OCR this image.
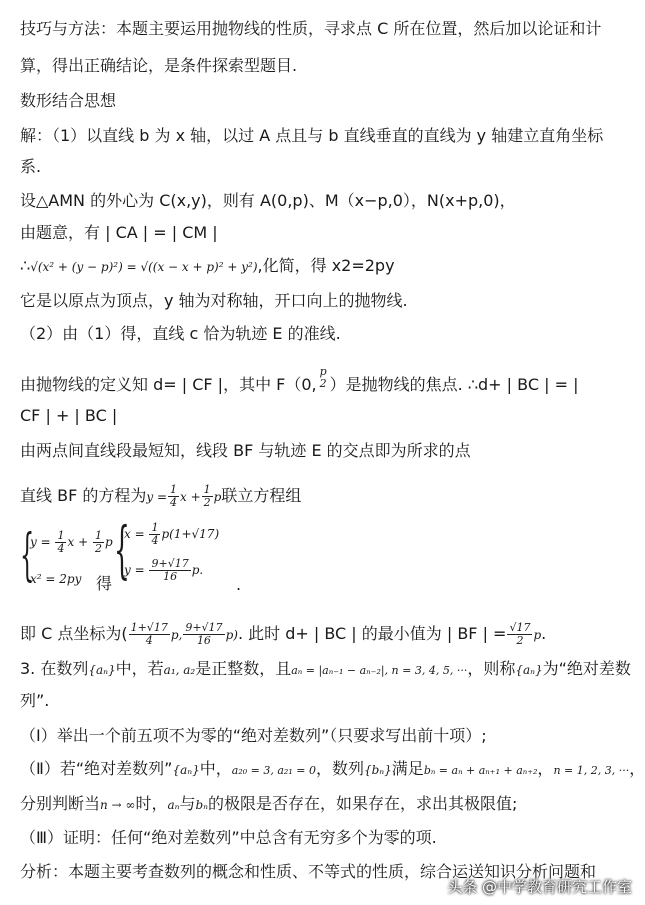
技巧与方法：本题主要运用抛物线的性质，寻求点 C 所在位置，然后加以论证和计
算，得出正确结论，是条件探索型题目.
数形结合思想
解：（1）以直线 b 为 x 轴，以过 A 点且与 b 直线垂直的直线为 y 轴建立直角坐标
系.
设△AMN 的外心为 C(x,y)，则有 A(0,p)、M（x−p,0），N(x+p,0)，
由题意，有 | CA | = | CM |
∴√(x² + (y − p)²) = √((x − x + p)² + y²),化简，得 x2=2py
它是以原点为顶点，y 轴为对称轴，开口向上的抛物线.
（2）由（1）得，直线 c 恰为轨迹 E 的准线.
由抛物线的定义知 d= | CF |，其中 F（0,
p
2 ）是抛物线的焦点. ∴d+ | BC | = |
CF | + | BC |
由两点间直线段最短知，线段 BF 与轨迹 E 的交点即为所求的点
直线 BF 的方程为$y = \frac{1}{4}$ $x + \frac{1}{2}$ p联立方程组
{
$y = \frac{1}{4}$ $x + \frac{1}{2}$ p
x² = 2py 得 {
$x = \frac{1}{4} p(1+√17)$
$y = \frac{9+√17}{16} p$.
.
即 C 点坐标为( $\frac{1+√17}{4} p$, $\frac{9+√17}{16} p$). 此时 d+ | BC | 的最小值为 | BF | = $\frac{√17}{2} p$.
3. 在数列{aₙ}中，若a₁, a₂是正整数，且aₙ = |aₙ₋₁ − aₙ₋₂|, n = 3, 4, 5, ···，则称{aₙ}为“绝对差数
列”.
（Ⅰ）举出一个前五项不为零的“绝对差数列”（只要求写出前十项）;
（Ⅱ）若“绝对差数列”{aₙ}中，a₂₀ = 3, a₂₁ = 0，数列{bₙ}满足bₙ = aₙ + aₙ₊₁ + aₙ₊₂，n = 1, 2, 3, ···，
分别判断当n → ∞时，aₙ与bₙ的极限是否存在，如果存在，求出其极限值;
（Ⅲ）证明：任何“绝对差数列”中总含有无穷多个为零的项.
分析：本题主要考查数列的概念和性质、不等式的性质，综合运送知识分析问题和
头条 @中学教育研究工作室
